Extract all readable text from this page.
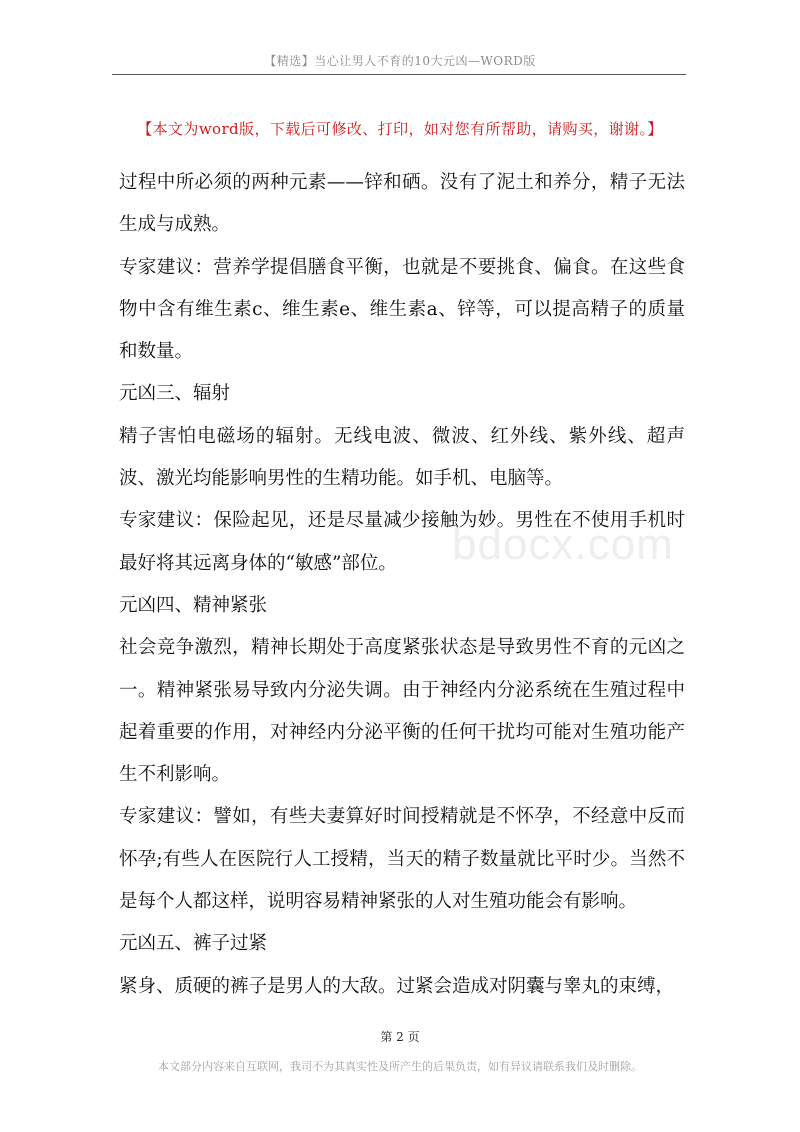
【精选】当心让男人不育的10大元凶—WORD版
【本文为word版，下载后可修改、打印，如对您有所帮助，请购买，谢谢。】
bdocx.com

过程中所必须的两种元素——锌和硒。没有了泥土和养分，精子无法生成与成熟。

专家建议：营养学提倡膳食平衡，也就是不要挑食、偏食。在这些食物中含有维生素c、维生素e、维生素a、锌等，可以提高精子的质量和数量。

元凶三、辐射

精子害怕电磁场的辐射。无线电波、微波、红外线、紫外线、超声波、激光均能影响男性的生精功能。如手机、电脑等。

专家建议：保险起见，还是尽量减少接触为妙。男性在不使用手机时最好将其远离身体的“敏感”部位。

元凶四、精神紧张

社会竞争激烈，精神长期处于高度紧张状态是导致男性不育的元凶之一。精神紧张易导致内分泌失调。由于神经内分泌系统在生殖过程中起着重要的作用，对神经内分泌平衡的任何干扰均可能对生殖功能产生不利影响。

专家建议：譬如，有些夫妻算好时间授精就是不怀孕，不经意中反而怀孕;有些人在医院行人工授精，当天的精子数量就比平时少。当然不是每个人都这样，说明容易精神紧张的人对生殖功能会有影响。

元凶五、裤子过紧

紧身、质硬的裤子是男人的大敌。过紧会造成对阴囊与睾丸的束缚，

第 2 页
本文部分内容来自互联网，我司不为其真实性及所产生的后果负责，如有异议请联系我们及时删除。
